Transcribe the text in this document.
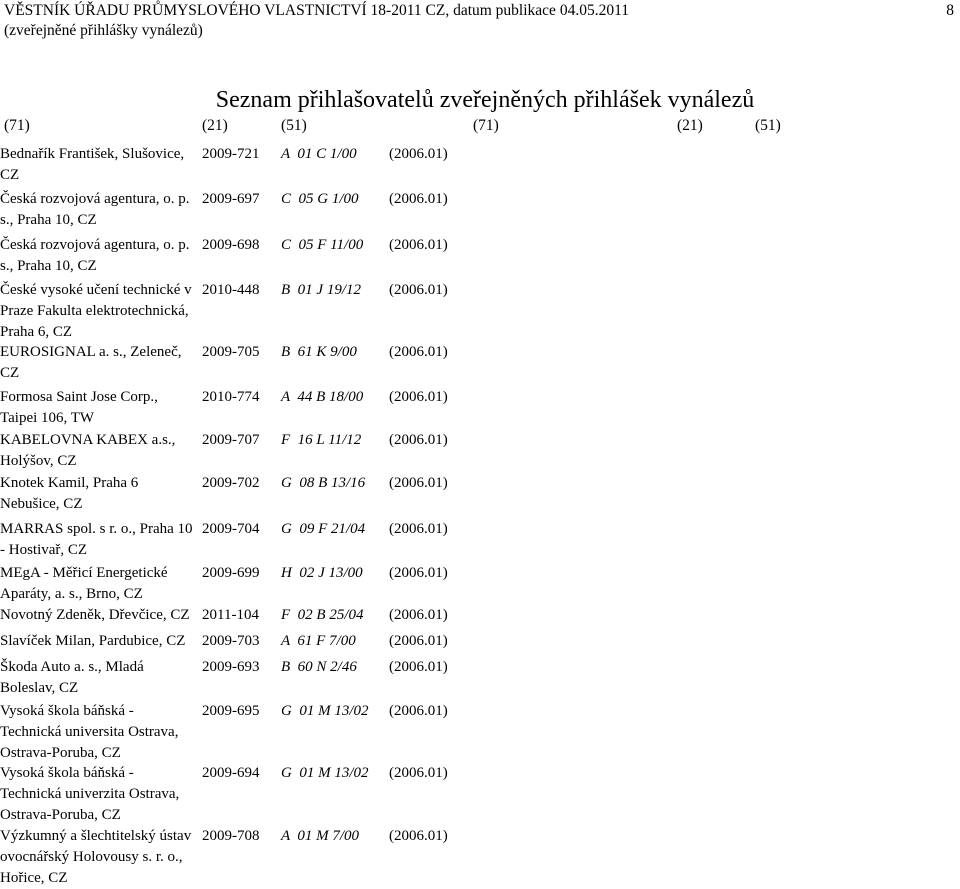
VĚSTNÍK ÚŘADU PRŮMYSLOVÉHO VLASTNICTVÍ 18-2011 CZ, datum publikace 04.05.2011
(zveřejněné přihlášky vynálezů)
8
Seznam přihlašovatelů zveřejněných přihlášek vynálezů
(71)	(21)	(51)	(71)	(21)	(51)
Bednařík František, Slušovice,
CZ
2009-721 A  01 C 1/00 (2006.01)
Česká rozvojová agentura, o. p.
s., Praha 10, CZ
2009-697 C  05 G 1/00 (2006.01)
Česká rozvojová agentura, o. p.
s., Praha 10, CZ
2009-698 C  05 F 11/00 (2006.01)
České vysoké učení technické v
Praze Fakulta elektrotechnická,
Praha 6, CZ
2010-448 B  01 J 19/12 (2006.01)
EUROSIGNAL a. s., Zeleneč,
CZ
2009-705 B  61 K 9/00 (2006.01)
Formosa Saint Jose Corp.,
Taipei 106, TW
2010-774 A  44 B 18/00 (2006.01)
KABELOVNA KABEX a.s.,
Holýšov, CZ
2009-707 F  16 L 11/12 (2006.01)
Knotek Kamil, Praha 6
Nebušice, CZ
2009-702 G  08 B 13/16 (2006.01)
MARRAS spol. s r. o., Praha 10
- Hostivař, CZ
2009-704 G  09 F 21/04 (2006.01)
MEgA - Měřicí Energetické
Aparáty, a. s., Brno, CZ
2009-699 H  02 J 13/00 (2006.01)
Novotný Zdeněk, Dřevčice, CZ 2011-104 F  02 B 25/04 (2006.01)
Slavíček Milan, Pardubice, CZ	2009-703 A  61 F 7/00 (2006.01)
Škoda Auto a. s., Mladá
Boleslav, CZ
2009-693 B  60 N 2/46 (2006.01)
Vysoká škola báňská -
Technická universita Ostrava,
Ostrava-Poruba, CZ
2009-695 G  01 M 13/02 (2006.01)
Vysoká škola báňská -
Technická univerzita Ostrava,
Ostrava-Poruba, CZ
2009-694 G  01 M 13/02 (2006.01)
Výzkumný a šlechtitelský ústav
ovocnářský Holovousy s. r. o.,
Hořice, CZ
2009-708 A  01 M 7/00 (2006.01)
